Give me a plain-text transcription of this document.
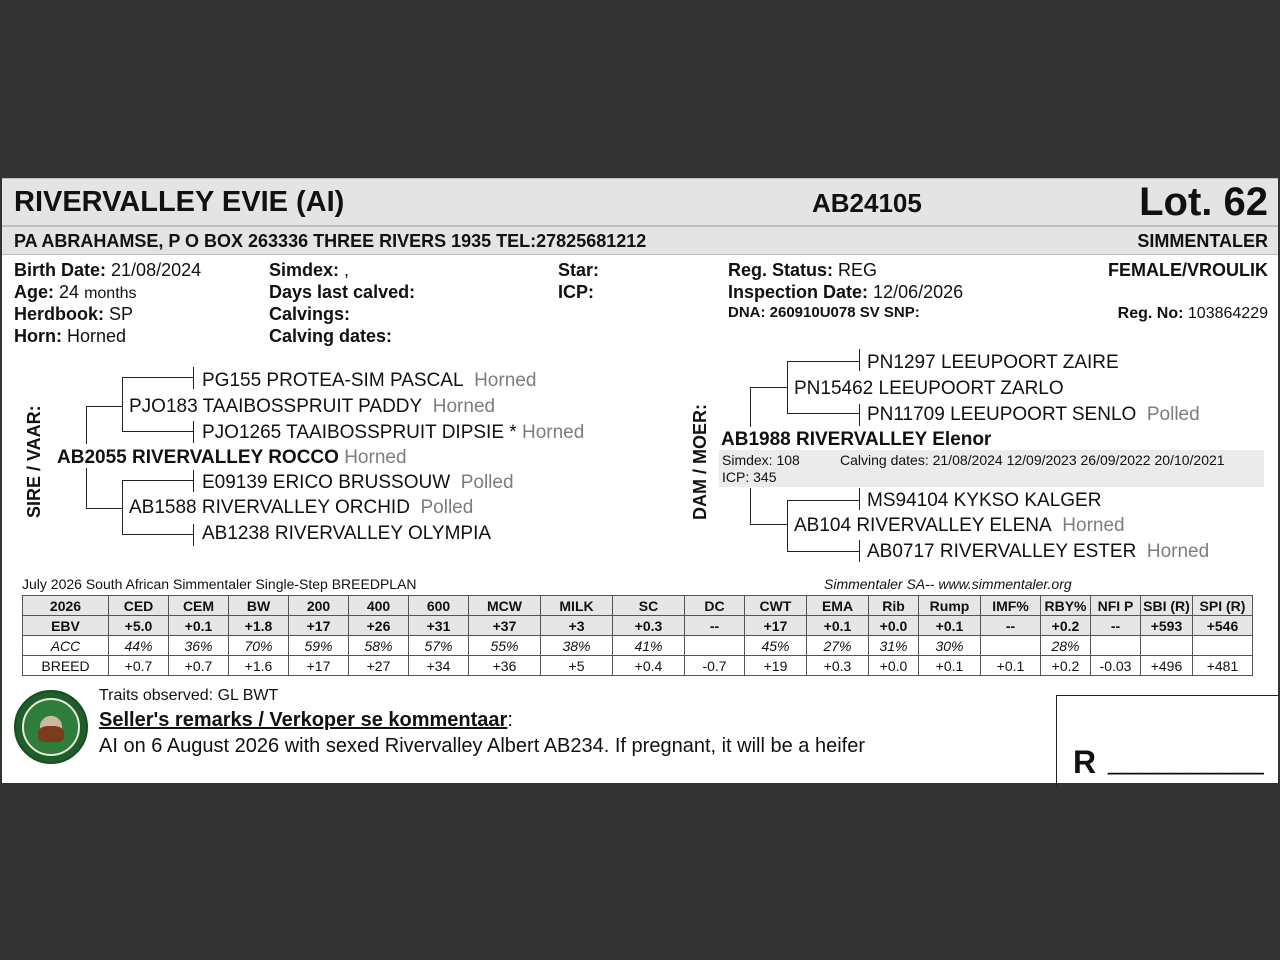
RIVERVALLEY EVIE (AI)	AB24105	Lot. 62
PA ABRAHAMSE, P O BOX 263336 THREE RIVERS 1935 TEL:27825681212	SIMMENTALER
Birth Date: 21/08/2024
Age: 24 months
Herdbook: SP
Horn: Horned
Simdex: ,
Days last calved:
Calvings:
Calving dates:
Star:
ICP:
Reg. Status: REG
Inspection Date: 12/06/2026
DNA: 260910U078 SV SNP:
FEMALE/VROULIK
Reg. No: 103864229
SIRE / VAAR:
PG155 PROTEA-SIM PASCAL Horned
PJO183 TAAIBOSSPRUIT PADDY Horned
PJO1265 TAAIBOSSPRUIT DIPSIE * Horned
AB2055 RIVERVALLEY ROCCO Horned
E09139 ERICO BRUSSOUW Polled
AB1588 RIVERVALLEY ORCHID Polled
AB1238 RIVERVALLEY OLYMPIA
DAM / MOER:
PN1297 LEEUPOORT ZAIRE
PN15462 LEEUPOORT ZARLO
PN11709 LEEUPOORT SENLO Polled
AB1988 RIVERVALLEY Elenor
Simdex: 108	Calving dates: 21/08/2024 12/09/2023 26/09/2022 20/10/2021
ICP: 345
MS94104 KYKSO KALGER
AB104 RIVERVALLEY ELENA Horned
AB0717 RIVERVALLEY ESTER Horned
July 2026 South African Simmentaler Single-Step BREEDPLAN	Simmentaler SA-- www.simmentaler.org
2026	CED	CEM	BW	200	400	600	MCW	MILK	SC	DC	CWT	EMA	Rib	Rump	IMF%	RBY%	NFI P	SBI (R)	SPI (R)
EBV	+5.0	+0.1	+1.8	+17	+26	+31	+37	+3	+0.3	--	+17	+0.1	+0.0	+0.1	--	+0.2	--	+593	+546
ACC	44%	36%	70%	59%	58%	57%	55%	38%	41%		45%	27%	31%	30%		28%			
BREED	+0.7	+0.7	+1.6	+17	+27	+34	+36	+5	+0.4	-0.7	+19	+0.3	+0.0	+0.1	+0.1	+0.2	-0.03	+496	+481
Traits observed: GL BWT
Seller's remarks / Verkoper se kommentaar:
AI on 6 August 2026 with sexed Rivervalley Albert AB234. If pregnant, it will be a heifer	R __________
